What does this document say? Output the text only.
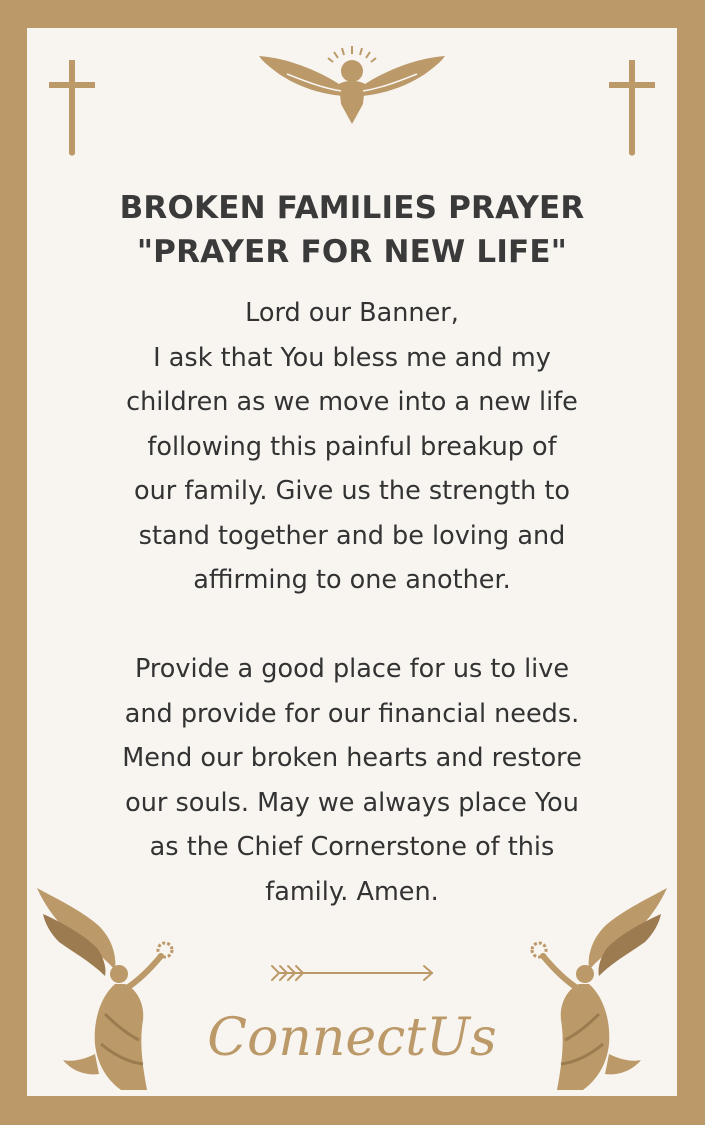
BROKEN FAMILIES PRAYER
"PRAYER FOR NEW LIFE"
Lord our Banner,
I ask that You bless me and my
children as we move into a new life
following this painful breakup of
our family. Give us the strength to
stand together and be loving and
affirming to one another.
Provide a good place for us to live
and provide for our financial needs.
Mend our broken hearts and restore
our souls. May we always place You
as the Chief Cornerstone of this
family. Amen.
ConnectUs
